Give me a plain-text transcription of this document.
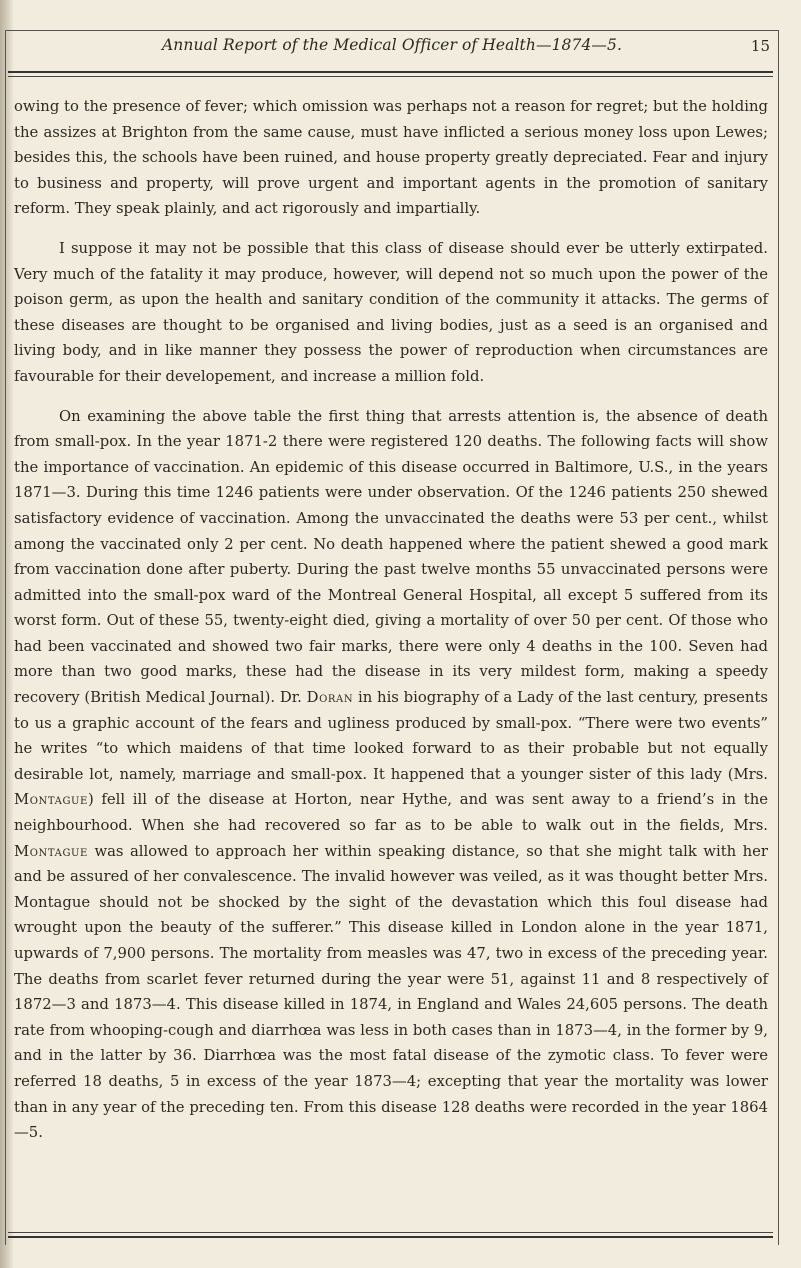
Annual Report of the Medical Officer of Health—1874—5.	15

owing to the presence of fever; which omission was perhaps not a reason for regret; but the holding the assizes at Brighton from the same cause, must have inflicted a serious money loss upon Lewes; besides this, the schools have been ruined, and house property greatly depreciated. Fear and injury to business and property, will prove urgent and important agents in the promotion of sanitary reform. They speak plainly, and act rigorously and impartially.

I suppose it may not be possible that this class of disease should ever be utterly extirpated. Very much of the fatality it may produce, however, will depend not so much upon the power of the poison germ, as upon the health and sanitary condition of the community it attacks. The germs of these diseases are thought to be organised and living bodies, just as a seed is an organised and living body, and in like manner they possess the power of reproduction when circumstances are favourable for their developement, and increase a million fold.

On examining the above table the first thing that arrests attention is, the absence of death from small-pox. In the year 1871-2 there were registered 120 deaths. The following facts will show the importance of vaccination. An epidemic of this disease occurred in Baltimore, U.S., in the years 1871—3. During this time 1246 patients were under observation. Of the 1246 patients 250 shewed satisfactory evidence of vaccination. Among the unvaccinated the deaths were 53 per cent., whilst among the vaccinated only 2 per cent. No death happened where the patient shewed a good mark from vaccination done after puberty. During the past twelve months 55 unvaccinated persons were admitted into the small-pox ward of the Montreal General Hospital, all except 5 suffered from its worst form. Out of these 55, twenty-eight died, giving a mortality of over 50 per cent. Of those who had been vaccinated and showed two fair marks, there were only 4 deaths in the 100. Seven had more than two good marks, these had the disease in its very mildest form, making a speedy recovery (British Medical Journal). Dr. Doran in his biography of a Lady of the last century, presents to us a graphic account of the fears and ugliness produced by small-pox. “There were two events” he writes “to which maidens of that time looked forward to as their probable but not equally desirable lot, namely, marriage and small-pox. It happened that a younger sister of this lady (Mrs. Montague) fell ill of the disease at Horton, near Hythe, and was sent away to a friend’s in the neighbourhood. When she had recovered so far as to be able to walk out in the fields, Mrs. Montague was allowed to approach her within speaking distance, so that she might talk with her and be assured of her convalescence. The invalid however was veiled, as it was thought better Mrs. Montague should not be shocked by the sight of the devastation which this foul disease had wrought upon the beauty of the sufferer.” This disease killed in London alone in the year 1871, upwards of 7,900 persons. The mortality from measles was 47, two in excess of the preceding year. The deaths from scarlet fever returned during the year were 51, against 11 and 8 respectively of 1872—3 and 1873—4. This disease killed in 1874, in England and Wales 24,605 persons. The death rate from whooping-cough and diarrhœa was less in both cases than in 1873—4, in the former by 9, and in the latter by 36. Diarrhœa was the most fatal disease of the zymotic class. To fever were referred 18 deaths, 5 in excess of the year 1873—4; excepting that year the mortality was lower than in any year of the preceding ten. From this disease 128 deaths were recorded in the year 1864—5.
